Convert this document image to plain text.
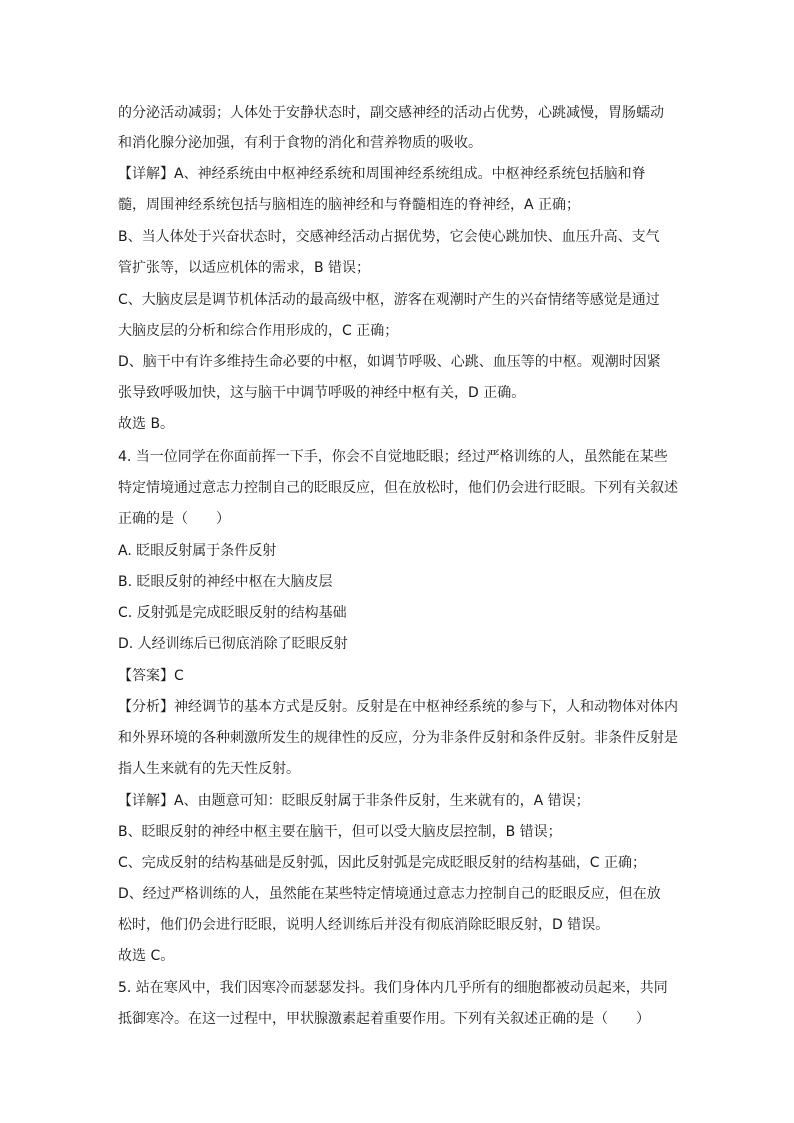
的分泌活动减弱；人体处于安静状态时，副交感神经的活动占优势，心跳减慢，胃肠蠕动
和消化腺分泌加强，有利于食物的消化和营养物质的吸收。
【详解】A、神经系统由中枢神经系统和周围神经系统组成。中枢神经系统包括脑和脊
髓，周围神经系统包括与脑相连的脑神经和与脊髓相连的脊神经，A 正确；
B、当人体处于兴奋状态时，交感神经活动占据优势，它会使心跳加快、血压升高、支气
管扩张等，以适应机体的需求，B 错误；
C、大脑皮层是调节机体活动的最高级中枢，游客在观潮时产生的兴奋情绪等感觉是通过
大脑皮层的分析和综合作用形成的，C 正确；
D、脑干中有许多维持生命必要的中枢，如调节呼吸、心跳、血压等的中枢。观潮时因紧
张导致呼吸加快，这与脑干中调节呼吸的神经中枢有关，D 正确。
故选 B。
4. 当一位同学在你面前挥一下手，你会不自觉地眨眼；经过严格训练的人，虽然能在某些
特定情境通过意志力控制自己的眨眼反应，但在放松时，他们仍会进行眨眼。下列有关叙述
正确的是（　　）
A. 眨眼反射属于条件反射
B. 眨眼反射的神经中枢在大脑皮层
C. 反射弧是完成眨眼反射的结构基础
D. 人经训练后已彻底消除了眨眼反射
【答案】C
【分析】神经调节的基本方式是反射。反射是在中枢神经系统的参与下，人和动物体对体内
和外界环境的各种刺激所发生的规律性的反应，分为非条件反射和条件反射。非条件反射是
指人生来就有的先天性反射。
【详解】A、由题意可知：眨眼反射属于非条件反射，生来就有的，A 错误；
B、眨眼反射的神经中枢主要在脑干，但可以受大脑皮层控制，B 错误；
C、完成反射的结构基础是反射弧，因此反射弧是完成眨眼反射的结构基础，C 正确；
D、经过严格训练的人，虽然能在某些特定情境通过意志力控制自己的眨眼反应，但在放
松时，他们仍会进行眨眼，说明人经训练后并没有彻底消除眨眼反射，D 错误。
故选 C。
5. 站在寒风中，我们因寒冷而瑟瑟发抖。我们身体内几乎所有的细胞都被动员起来，共同
抵御寒冷。在这一过程中，甲状腺激素起着重要作用。下列有关叙述正确的是（　　）
